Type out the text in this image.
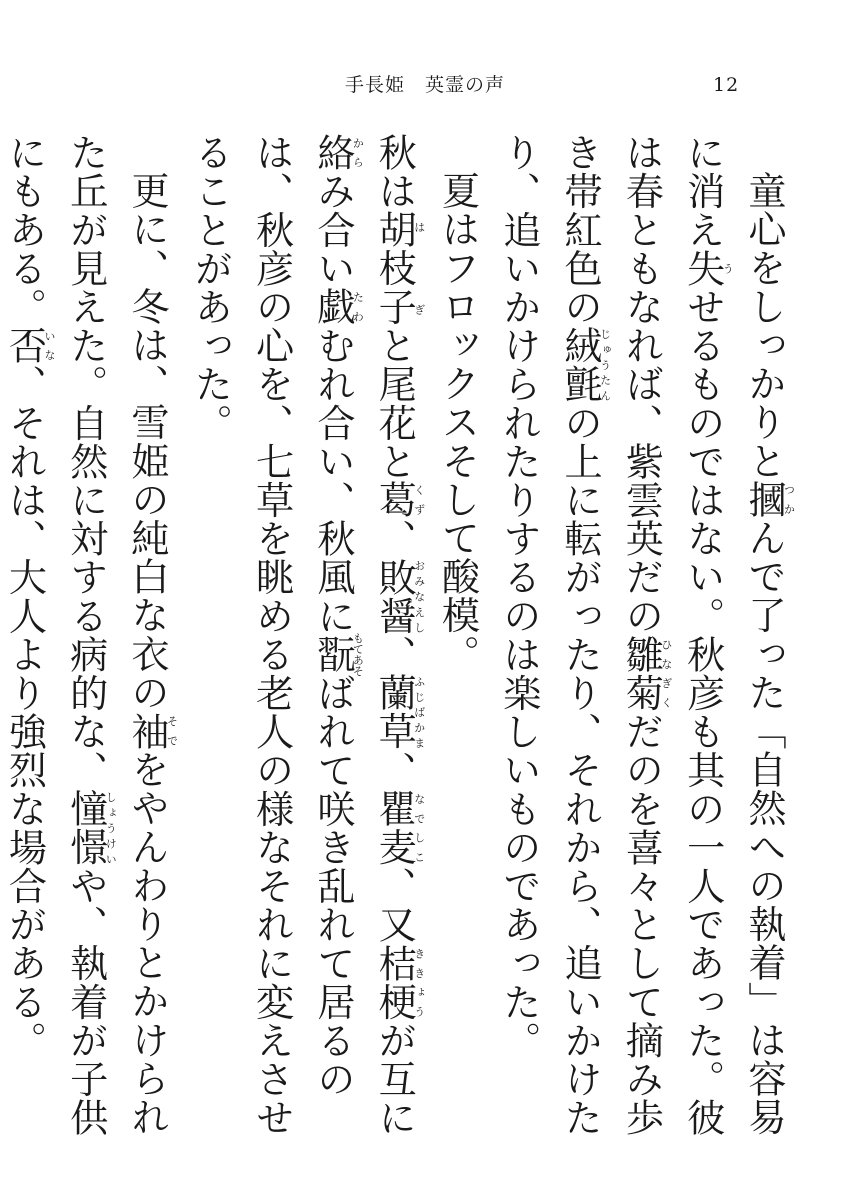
手長姫　英霊の声	12

童心をしっかりと摑つかんで了った「自然への執着」は容易に消え失うせるものではない。秋彦も其の一人であった。彼は春ともなれば、紫雲英だの雛菊ひなぎくだのを喜々として摘み歩き帯紅色の絨氈じゅうたんの上に転がったり、それから、追いかけたり、追いかけられたりするのは楽しいものであった。

夏はフロックスそして酸模。

秋は胡枝子はぎと尾花と葛くず、敗醤おみなえし、蘭草ふじばかま、瞿麦なでしこ、又桔梗ききょうが互に絡からみ合い戯たわむれ合い、秋風に翫もてあそばれて咲き乱れて居るのは、秋彦の心を、七草を眺める老人の様なそれに変えさせることがあった。

更に、冬は、雪姫の純白な衣の袖そでをやんわりとかけられた丘が見えた。自然に対する病的な、憧憬しょうけいや、執着が子供にもある。否いな、それは、大人より強烈な場合がある。
